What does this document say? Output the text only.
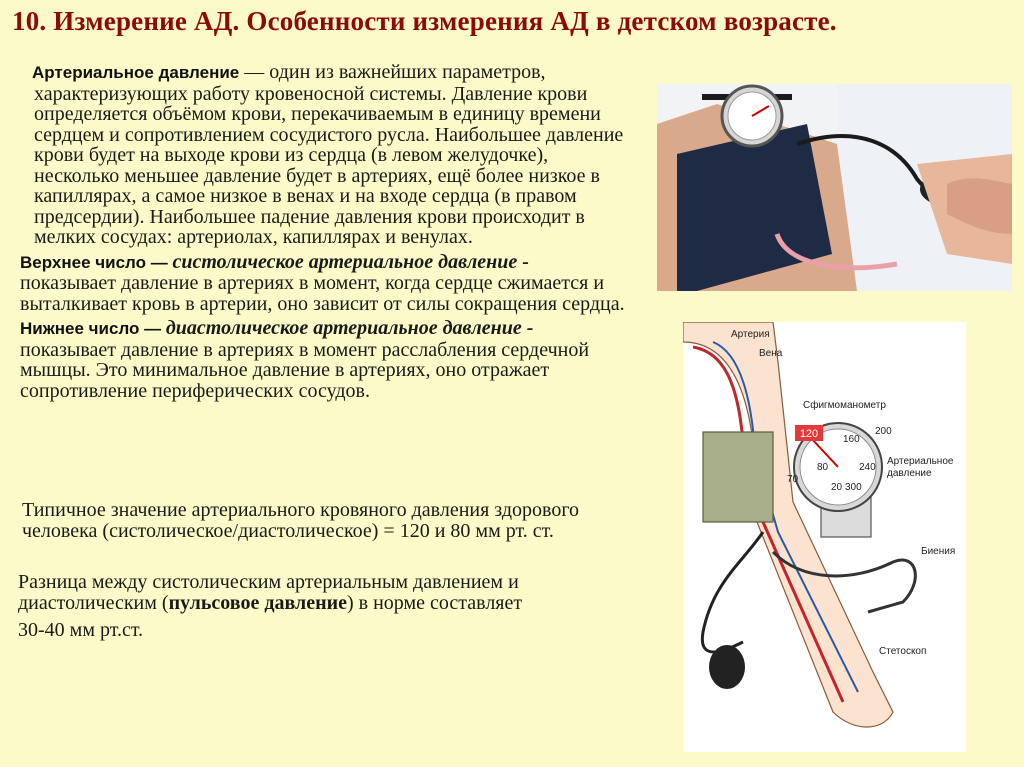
10. Измерение АД. Особенности измерения АД в детском возрасте.

Артериальное давление — один из важнейших параметров,

характеризующих работу кровеносной системы. Давление крови определяется объёмом крови, перекачиваемым в единицу времени сердцем и сопротивлением сосудистого русла. Наибольшее давление крови будет на выходе крови из сердца (в левом желудочке), несколько меньшее давление будет в артериях, ещё более низкое в капиллярах, а самое низкое в венах и на входе сердца (в правом предсердии). Наибольшее падение давления крови происходит в мелких сосудах: артериолах, капиллярах и венулах.

Верхнее число — систолическое артериальное давление -
показывает давление в артериях в момент, когда сердце сжимается и выталкивает кровь в артерии, оно зависит от силы сокращения сердца.

Нижнее число — диастолическое артериальное давление -
показывает давление в артериях в момент расслабления сердечной мышцы. Это минимальное давление в артериях, оно отражает сопротивление периферических сосудов.

Типичное значение артериального кровяного давления здорового человека (систолическое/диастолическое) = 120 и 80 мм рт. ст.

Разница между систолическим артериальным давлением и диастолическим (пульсовое давление) в норме составляет
30-40 мм рт.ст.

120 160
200
80	240
70
20 300
Артерия
Вена
Сфигмоманометр
Артериальное
давление
Биения
Стетоскоп
